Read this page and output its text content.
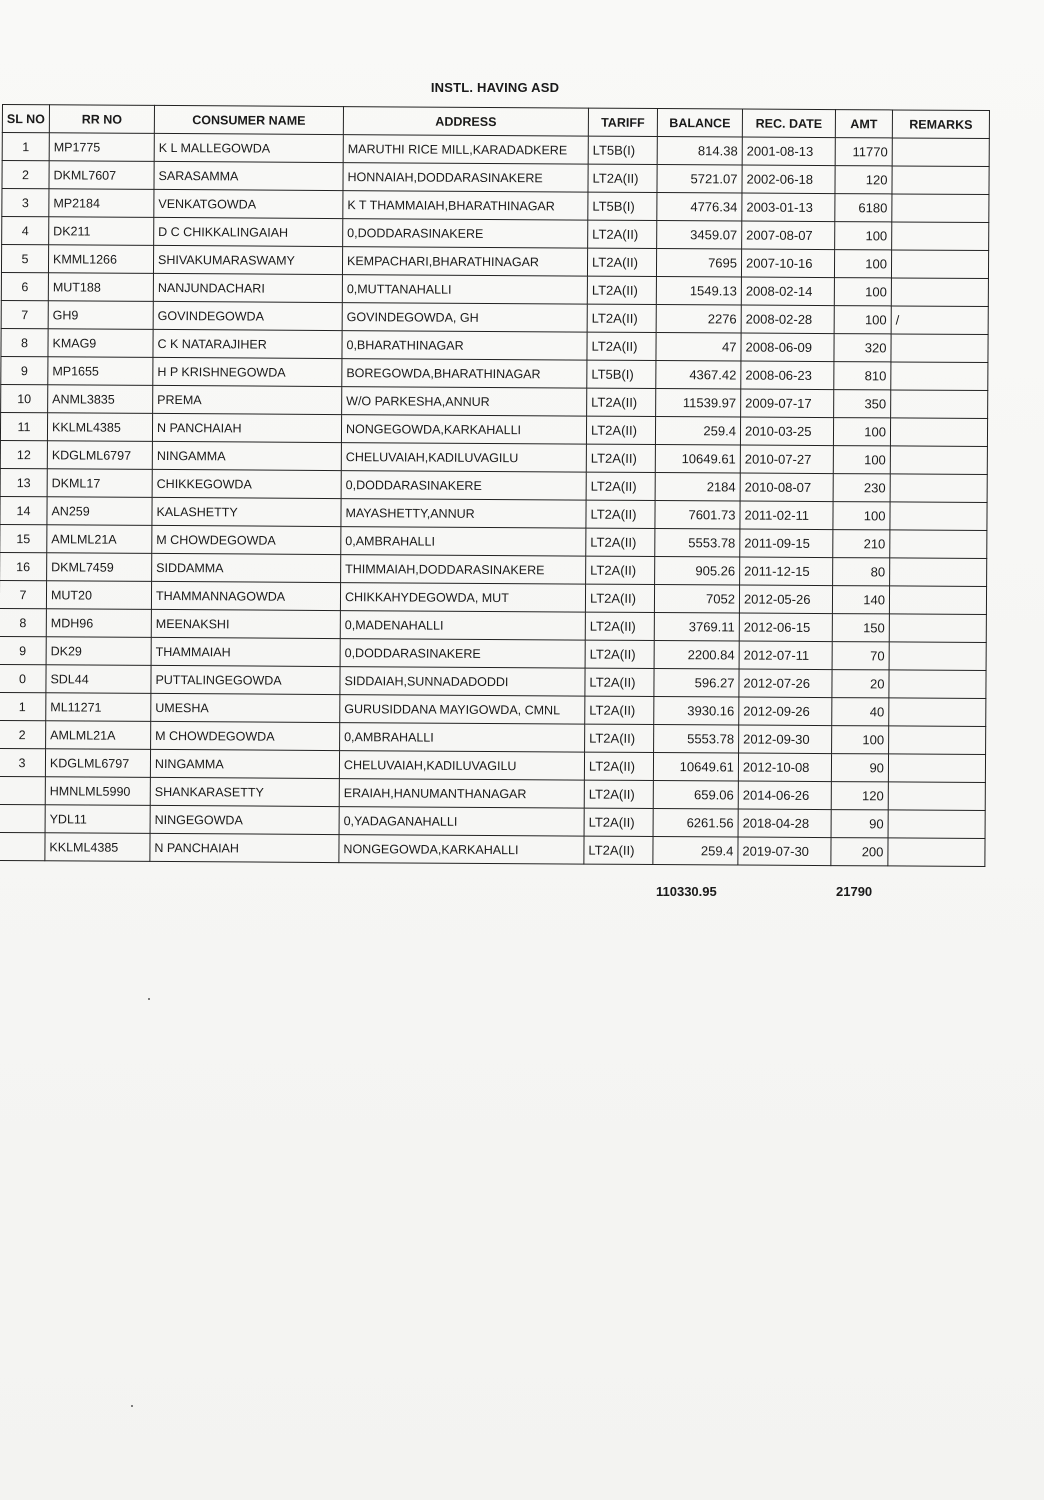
INSTL. HAVING ASD
SL NO	RR NO	CONSUMER NAME	ADDRESS	TARIFF	BALANCE	REC. DATE	AMT	REMARKS
1	MP1775	K L MALLEGOWDA	MARUTHI RICE MILL,KARADADKERE	LT5B(I)	814.38	2001-08-13	11770	
2	DKML7607	SARASAMMA	HONNAIAH,DODDARASINAKERE	LT2A(II)	5721.07	2002-06-18	120	
3	MP2184	VENKATGOWDA	K T THAMMAIAH,BHARATHINAGAR	LT5B(I)	4776.34	2003-01-13	6180	
4	DK211	D C CHIKKALINGAIAH	0,DODDARASINAKERE	LT2A(II)	3459.07	2007-08-07	100	
5	KMML1266	SHIVAKUMARASWAMY	KEMPACHARI,BHARATHINAGAR	LT2A(II)	7695	2007-10-16	100	
6	MUT188	NANJUNDACHARI	0,MUTTANAHALLI	LT2A(II)	1549.13	2008-02-14	100	
7	GH9	GOVINDEGOWDA	GOVINDEGOWDA, GH	LT2A(II)	2276	2008-02-28	100	/
8	KMAG9	C K NATARAJIHER	0,BHARATHINAGAR	LT2A(II)	47	2008-06-09	320	
9	MP1655	H P KRISHNEGOWDA	BOREGOWDA,BHARATHINAGAR	LT5B(I)	4367.42	2008-06-23	810	
10	ANML3835	PREMA	W/O PARKESHA,ANNUR	LT2A(II)	11539.97	2009-07-17	350	
11	KKLML4385	N PANCHAIAH	NONGEGOWDA,KARKAHALLI	LT2A(II)	259.4	2010-03-25	100	
12	KDGLML6797	NINGAMMA	CHELUVAIAH,KADILUVAGILU	LT2A(II)	10649.61	2010-07-27	100	
13	DKML17	CHIKKEGOWDA	0,DODDARASINAKERE	LT2A(II)	2184	2010-08-07	230	
14	AN259	KALASHETTY	MAYASHETTY,ANNUR	LT2A(II)	7601.73	2011-02-11	100	
15	AMLML21A	M CHOWDEGOWDA	0,AMBRAHALLI	LT2A(II)	5553.78	2011-09-15	210	
16	DKML7459	SIDDAMMA	THIMMAIAH,DODDARASINAKERE	LT2A(II)	905.26	2011-12-15	80	
7	MUT20	THAMMANNAGOWDA	CHIKKAHYDEGOWDA, MUT	LT2A(II)	7052	2012-05-26	140	
8	MDH96	MEENAKSHI	0,MADENAHALLI	LT2A(II)	3769.11	2012-06-15	150	
9	DK29	THAMMAIAH	0,DODDARASINAKERE	LT2A(II)	2200.84	2012-07-11	70	
0	SDL44	PUTTALINGEGOWDA	SIDDAIAH,SUNNADADODDI	LT2A(II)	596.27	2012-07-26	20	
1	ML11271	UMESHA	GURUSIDDANA MAYIGOWDA, CMNL	LT2A(II)	3930.16	2012-09-26	40	
2	AMLML21A	M CHOWDEGOWDA	0,AMBRAHALLI	LT2A(II)	5553.78	2012-09-30	100	
3	KDGLML6797	NINGAMMA	CHELUVAIAH,KADILUVAGILU	LT2A(II)	10649.61	2012-10-08	90	
	HMNLML5990	SHANKARASETTY	ERAIAH,HANUMANTHANAGAR	LT2A(II)	659.06	2014-06-26	120	
	YDL11	NINGEGOWDA	0,YADAGANAHALLI	LT2A(II)	6261.56	2018-04-28	90	
	KKLML4385	N PANCHAIAH	NONGEGOWDA,KARKAHALLI	LT2A(II)	259.4	2019-07-30	200	
110330.95	21790
